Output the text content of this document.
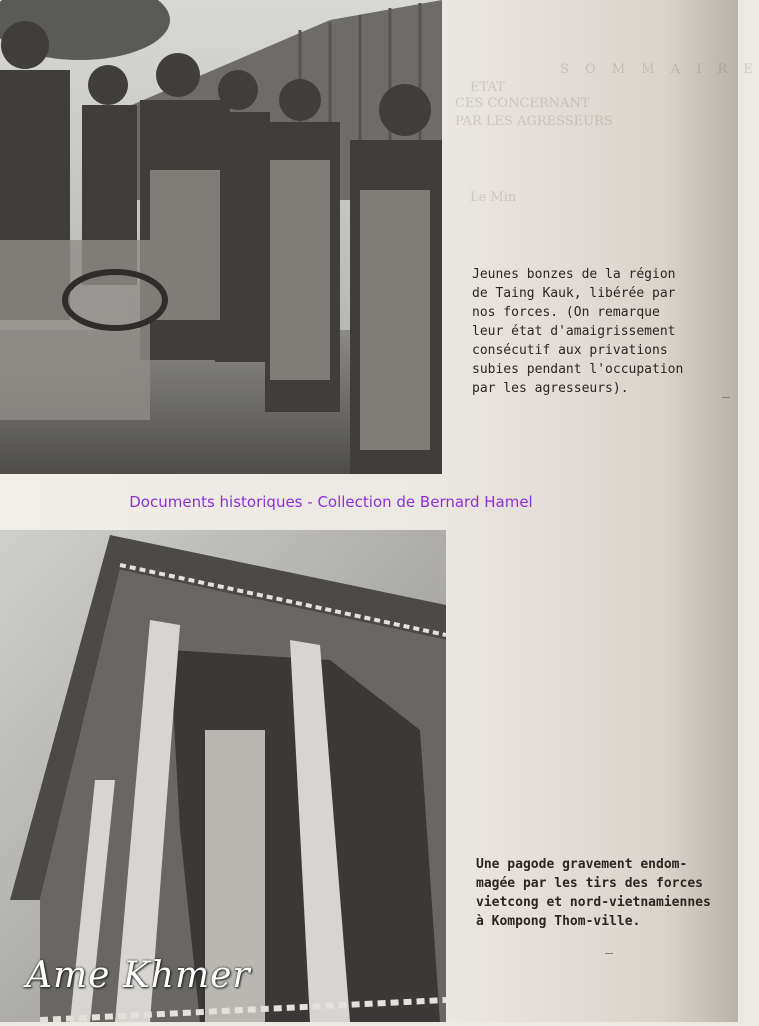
S O M M A I R E
ETAT
CES CONCERNANT
PAR LES AGRESSEURS
Le Min
Jeunes bonzes de la région
de Taing Kauk, libérée par
nos forces. (On remarque
leur état d'amaigrissement
consécutif aux privations
subies pendant l'occupation
par les agresseurs).
Documents historiques - Collection de Bernard Hamel
Une pagode gravement endom-
magée par les tirs des forces
vietcong et nord-vietnamiennes
à Kompong Thom-ville.
Ame Khmer
